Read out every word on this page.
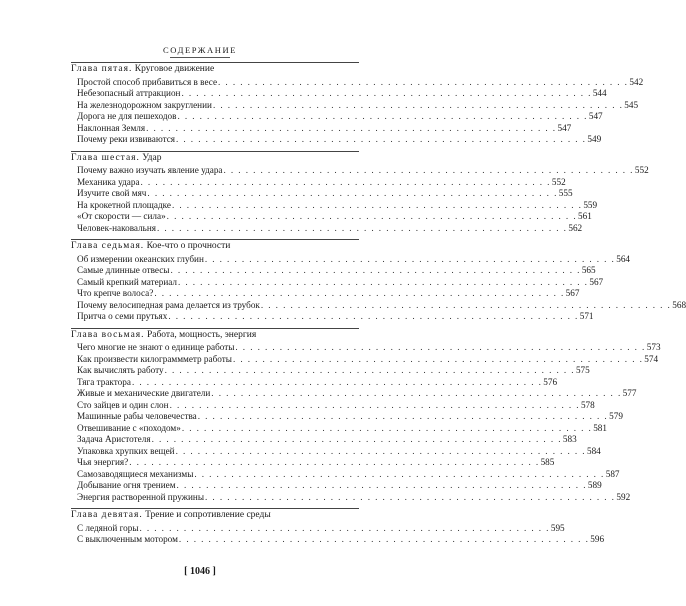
СОДЕРЖАНИЕ
Глава пятая. Круговое движение
Простой способ прибавиться в весе . . . . . . . . . . . . . . . . . . . . . . . . . . . . . . . . . . . . . . . . . . . . . . . . . . . . . . . . 542
Небезопасный аттракцион . . . . . . . . . . . . . . . . . . . . . . . . . . . . . . . . . . . . . . . . . . . . . . . . . . . . . . . . 544
На железнодорожном закруглении . . . . . . . . . . . . . . . . . . . . . . . . . . . . . . . . . . . . . . . . . . . . . . . . . . . . . . . . 545
Дорога не для пешеходов . . . . . . . . . . . . . . . . . . . . . . . . . . . . . . . . . . . . . . . . . . . . . . . . . . . . . . . . 547
Наклонная Земля . . . . . . . . . . . . . . . . . . . . . . . . . . . . . . . . . . . . . . . . . . . . . . . . . . . . . . . . 547
Почему реки извиваются . . . . . . . . . . . . . . . . . . . . . . . . . . . . . . . . . . . . . . . . . . . . . . . . . . . . . . . . 549
Глава шестая. Удар
Почему важно изучать явление удара . . . . . . . . . . . . . . . . . . . . . . . . . . . . . . . . . . . . . . . . . . . . . . . . . . . . . . . . 552
Механика удара . . . . . . . . . . . . . . . . . . . . . . . . . . . . . . . . . . . . . . . . . . . . . . . . . . . . . . . . 552
Изучите свой мяч . . . . . . . . . . . . . . . . . . . . . . . . . . . . . . . . . . . . . . . . . . . . . . . . . . . . . . . . 555
На крокетной площадке . . . . . . . . . . . . . . . . . . . . . . . . . . . . . . . . . . . . . . . . . . . . . . . . . . . . . . . . 559
«От скорости — сила» . . . . . . . . . . . . . . . . . . . . . . . . . . . . . . . . . . . . . . . . . . . . . . . . . . . . . . . . 561
Человек-наковальня . . . . . . . . . . . . . . . . . . . . . . . . . . . . . . . . . . . . . . . . . . . . . . . . . . . . . . . . 562
Глава седьмая. Кое-что о прочности
Об измерении океанских глубин . . . . . . . . . . . . . . . . . . . . . . . . . . . . . . . . . . . . . . . . . . . . . . . . . . . . . . . . 564
Самые длинные отвесы . . . . . . . . . . . . . . . . . . . . . . . . . . . . . . . . . . . . . . . . . . . . . . . . . . . . . . . . 565
Самый крепкий материал . . . . . . . . . . . . . . . . . . . . . . . . . . . . . . . . . . . . . . . . . . . . . . . . . . . . . . . . 567
Что крепче волоса? . . . . . . . . . . . . . . . . . . . . . . . . . . . . . . . . . . . . . . . . . . . . . . . . . . . . . . . . 567
Почему велосипедная рама делается из трубок . . . . . . . . . . . . . . . . . . . . . . . . . . . . . . . . . . . . . . . . . . . . . . . . . . . . . . . . 568
Притча о семи прутьях . . . . . . . . . . . . . . . . . . . . . . . . . . . . . . . . . . . . . . . . . . . . . . . . . . . . . . . . 571
Глава восьмая. Работа, мощность, энергия
Чего многие не знают о единице работы . . . . . . . . . . . . . . . . . . . . . . . . . . . . . . . . . . . . . . . . . . . . . . . . . . . . . . . . 573
Как произвести килограммметр работы . . . . . . . . . . . . . . . . . . . . . . . . . . . . . . . . . . . . . . . . . . . . . . . . . . . . . . . . 574
Как вычислять работу . . . . . . . . . . . . . . . . . . . . . . . . . . . . . . . . . . . . . . . . . . . . . . . . . . . . . . . . 575
Тяга трактора . . . . . . . . . . . . . . . . . . . . . . . . . . . . . . . . . . . . . . . . . . . . . . . . . . . . . . . . 576
Живые и механические двигатели . . . . . . . . . . . . . . . . . . . . . . . . . . . . . . . . . . . . . . . . . . . . . . . . . . . . . . . . 577
Сто зайцев и один слон . . . . . . . . . . . . . . . . . . . . . . . . . . . . . . . . . . . . . . . . . . . . . . . . . . . . . . . . 578
Машинные рабы человечества . . . . . . . . . . . . . . . . . . . . . . . . . . . . . . . . . . . . . . . . . . . . . . . . . . . . . . . . 579
Отвешивание с «походом» . . . . . . . . . . . . . . . . . . . . . . . . . . . . . . . . . . . . . . . . . . . . . . . . . . . . . . . . 581
Задача Аристотеля . . . . . . . . . . . . . . . . . . . . . . . . . . . . . . . . . . . . . . . . . . . . . . . . . . . . . . . . 583
Упаковка хрупких вещей . . . . . . . . . . . . . . . . . . . . . . . . . . . . . . . . . . . . . . . . . . . . . . . . . . . . . . . . 584
Чья энергия? . . . . . . . . . . . . . . . . . . . . . . . . . . . . . . . . . . . . . . . . . . . . . . . . . . . . . . . . 585
Самозаводящиеся механизмы . . . . . . . . . . . . . . . . . . . . . . . . . . . . . . . . . . . . . . . . . . . . . . . . . . . . . . . . 587
Добывание огня трением . . . . . . . . . . . . . . . . . . . . . . . . . . . . . . . . . . . . . . . . . . . . . . . . . . . . . . . . 589
Энергия растворенной пружины . . . . . . . . . . . . . . . . . . . . . . . . . . . . . . . . . . . . . . . . . . . . . . . . . . . . . . . . 592
Глава девятая. Трение и сопротивление среды
С ледяной горы . . . . . . . . . . . . . . . . . . . . . . . . . . . . . . . . . . . . . . . . . . . . . . . . . . . . . . . . 595
С выключенным мотором . . . . . . . . . . . . . . . . . . . . . . . . . . . . . . . . . . . . . . . . . . . . . . . . . . . . . . . . 596
[ 1046 ]
